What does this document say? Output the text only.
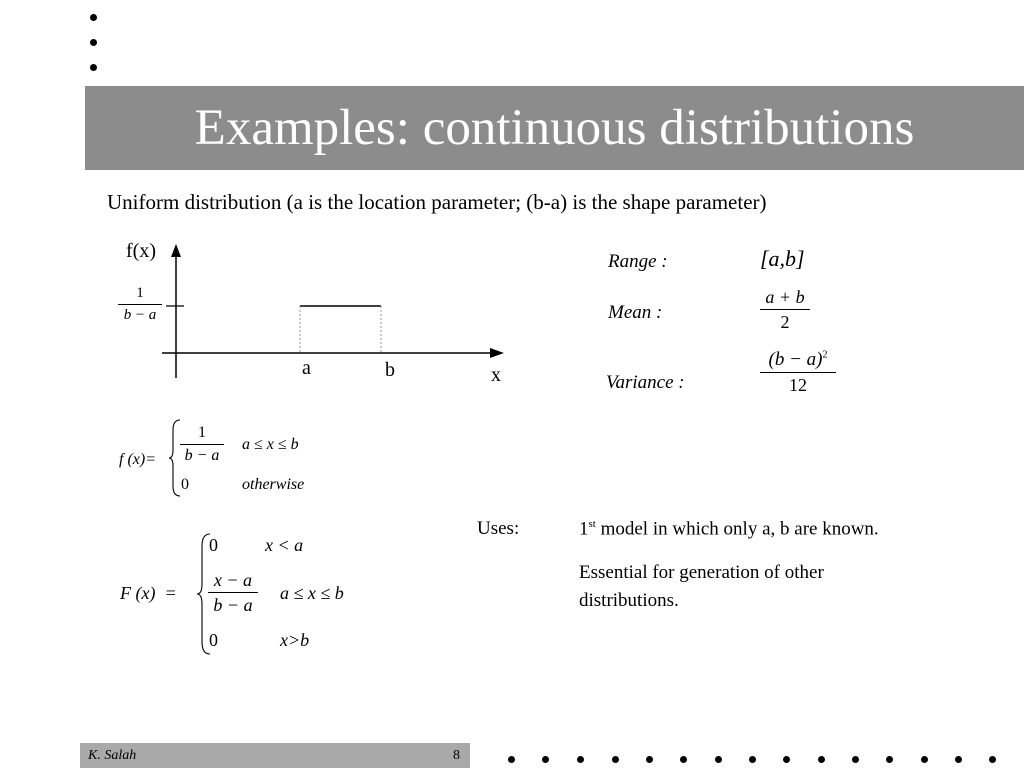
Examples: continuous distributions
Uniform distribution (a is the location parameter; (b-a) is the shape parameter)
f(x)
1
b − a
a	b	x
Range :	[a,b]
Mean :
a + b
2
Variance :
$(b - a)^2$
12
f (x)=
1
b − a
a ≤ x ≤ b
0	otherwise
F (x)  =
0	x < a
x − a
b − a
a ≤ x ≤ b
0	x>b
Uses:	1st model in which only a, b are known.
Essential for generation of other distributions.
K. Salah	8
